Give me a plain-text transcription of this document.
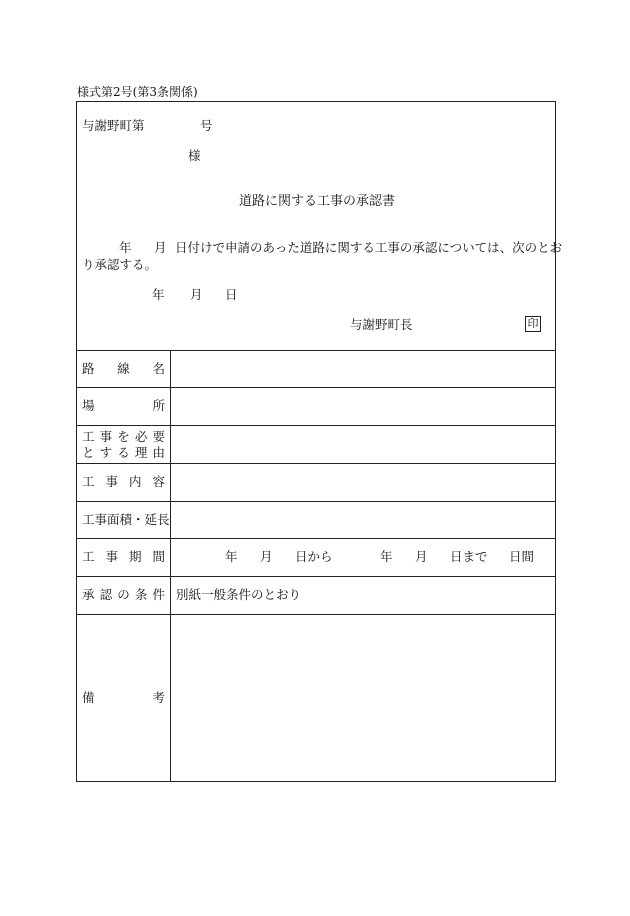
様式第2号(第3条関係)
与謝野町第	号
様
道路に関する工事の承認書
年 月 日付けで申請のあった道路に関する工事の承認については、次のとお
り承認する。
年 月 日
与謝野町長	印
路 線 名
場	所
工 事 を 必 要
と す る 理 由
工 事 内 容
工事面積・延長
工 事 期 間	年 月 日から	年 月 日まで 日間
承 認 の 条 件 別紙一般条件のとおり
備	考
